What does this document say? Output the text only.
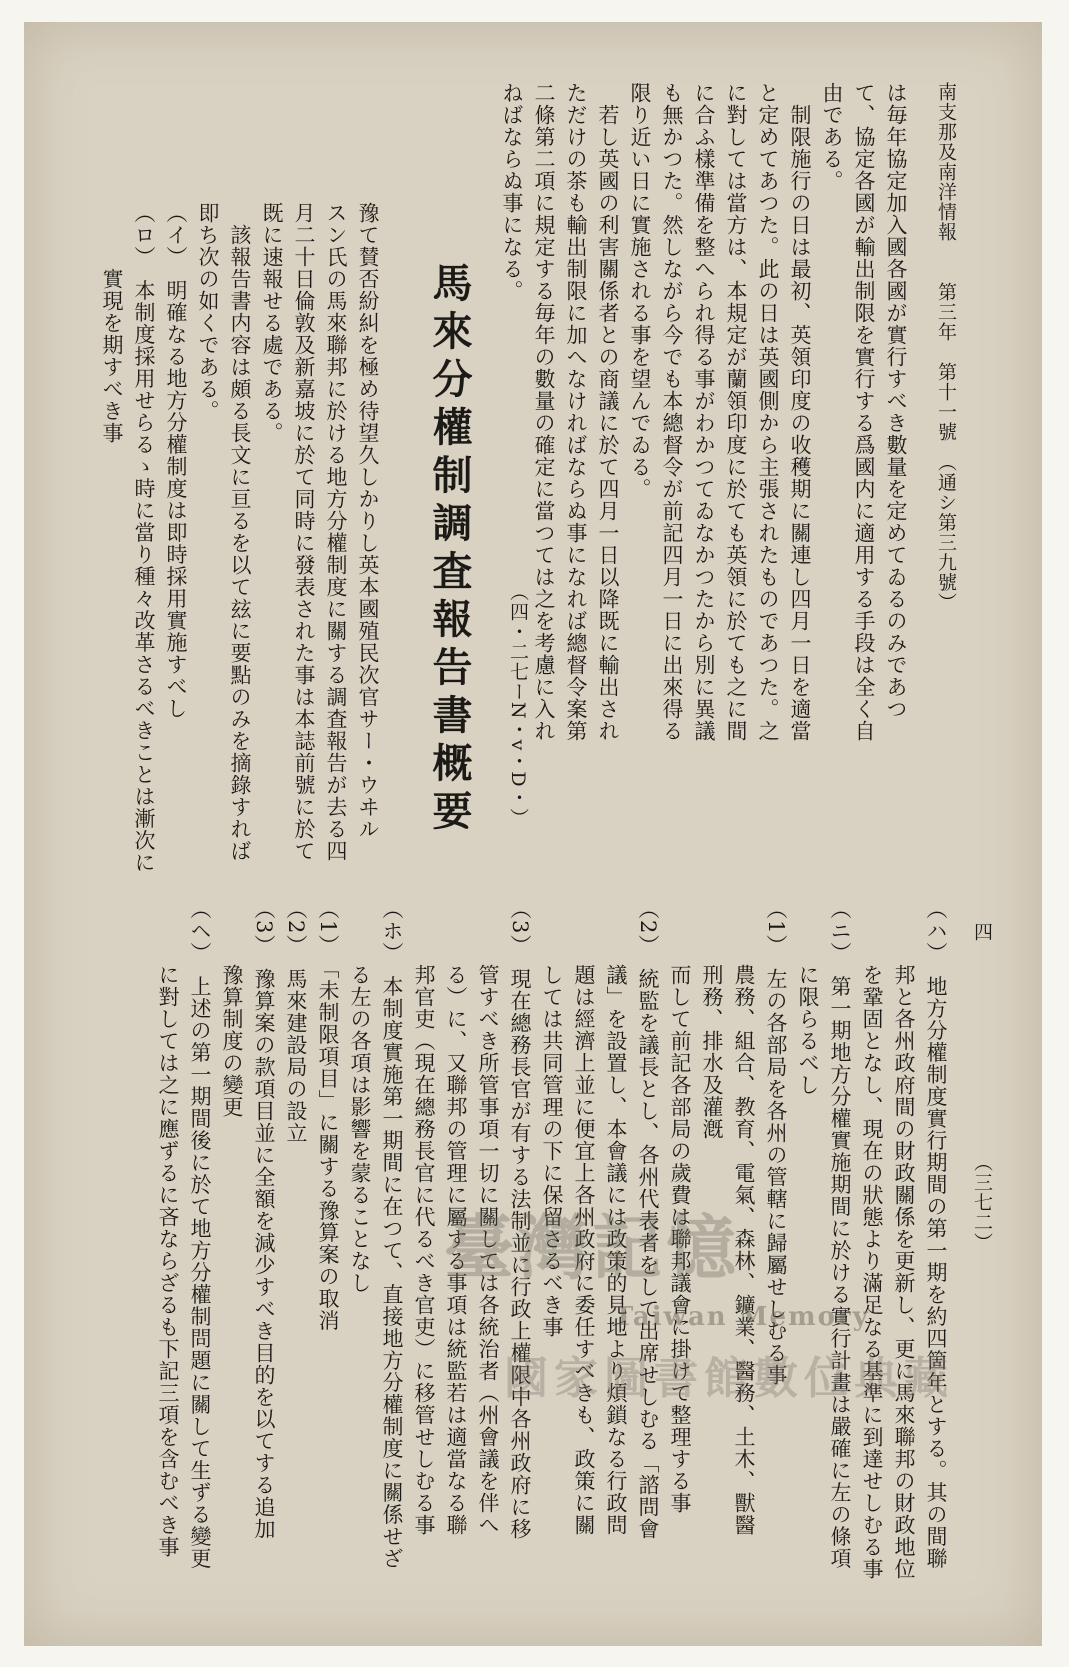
南支那及南洋情報　　第三年　第十一號　（通シ第三九號）

は毎年協定加入國各國が實行すべき數量を定めてゐるのみであつ

て、協定各國が輸出制限を實行する爲國内に適用する手段は全く自

由である。

　制限施行の日は最初、英領印度の收穫期に關連し四月一日を適當

と定めてあつた。此の日は英國側から主張されたものであつた。之

に對しては當方は、本規定が蘭領印度に於ても英領に於ても之に間

に合ふ樣準備を整へられ得る事がわかつてゐなかつたから別に異議

も無かつた。然しながら今でも本總督令が前記四月一日に出來得る

限り近い日に實施される事を望んでゐる。

　若し英國の利害關係者との商議に於て四月一日以降既に輸出され

ただけの茶も輸出制限に加へなければならぬ事になれば總督令案第

二條第二項に規定する毎年の數量の確定に當つては之を考慮に入れ

ねばならぬ事になる。

（四・二七ーN・v・D・）
馬來分權制調査報告書概要

豫て賛否紛糾を極め待望久しかりし英本國殖民次官サー・ウヰル

スン氏の馬來聯邦に於ける地方分權制度に關する調査報告が去る四

月二十日倫敦及新嘉坡に於て同時に發表された事は本誌前號に於て

既に速報せる處である。

　該報告書内容は頗る長文に亘るを以て玆に要點のみを摘錄すれば

即ち次の如くである。

（イ）　明確なる地方分權制度は即時採用實施すべし

（ロ）　本制度採用せらるゝ時に當り種々改革さるべきことは漸次に

　　　實現を期すべき事

四　　　　　　　　　　　（三七二）

（ハ）　地方分權制度實行期間の第一期を約四箇年とする。其の間聯

　　　邦と各州政府間の財政關係を更新し、更に馬來聯邦の財政地位

　　　を鞏固となし、現在の狀態より滿足なる基準に到達せしむる事

（ニ）　第一期地方分權實施期間に於ける實行計畫は嚴確に左の條項

　　　に限らるべし

（1）　左の各部局を各州の管轄に歸屬せしむる事

　　　農務、組合、教育、電氣、森林、鑛業、醫務、土木、獸醫

　　　刑務、排水及灌漑

　　　而して前記各部局の歲費は聯邦議會に掛けて整理する事

（2）　統監を議長とし、各州代表者をして出席せしむる「諮問會

　　　議」を設置し、本會議には政策的見地より煩鎖なる行政問

　　　題は經濟上並に便宜上各州政府に委任すべきも、政策に關

　　　しては共同管理の下に保留さるべき事

（3）　現在總務長官が有する法制並に行政上權限中各州政府に移

　　　管すべき所管事項一切に關しては各統治者（州會議を伴へ

　　　る）に、又聯邦の管理に屬する事項は統監若は適當なる聯

　　　邦官吏（現在總務長官に代るべき官吏）に移管せしむる事

（ホ）　本制度實施第一期間に在つて、直接地方分權制度に關係せざ

　　　る左の各項は影響を蒙ることなし

（1）　「未制限項目」に關する豫算案の取消

（2）　馬來建設局の設立

（3）　豫算案の款項目並に全額を減少すべき目的を以てする追加

　　　豫算制度の變更

（ヘ）　上述の第一期間後に於て地方分權制問題に關して生ずる變更

　　　に對しては之に應ずるに吝ならざるも下記三項を含むべき事	臺灣記憶
Taiwan Memory
國家圖書館數位典藏
